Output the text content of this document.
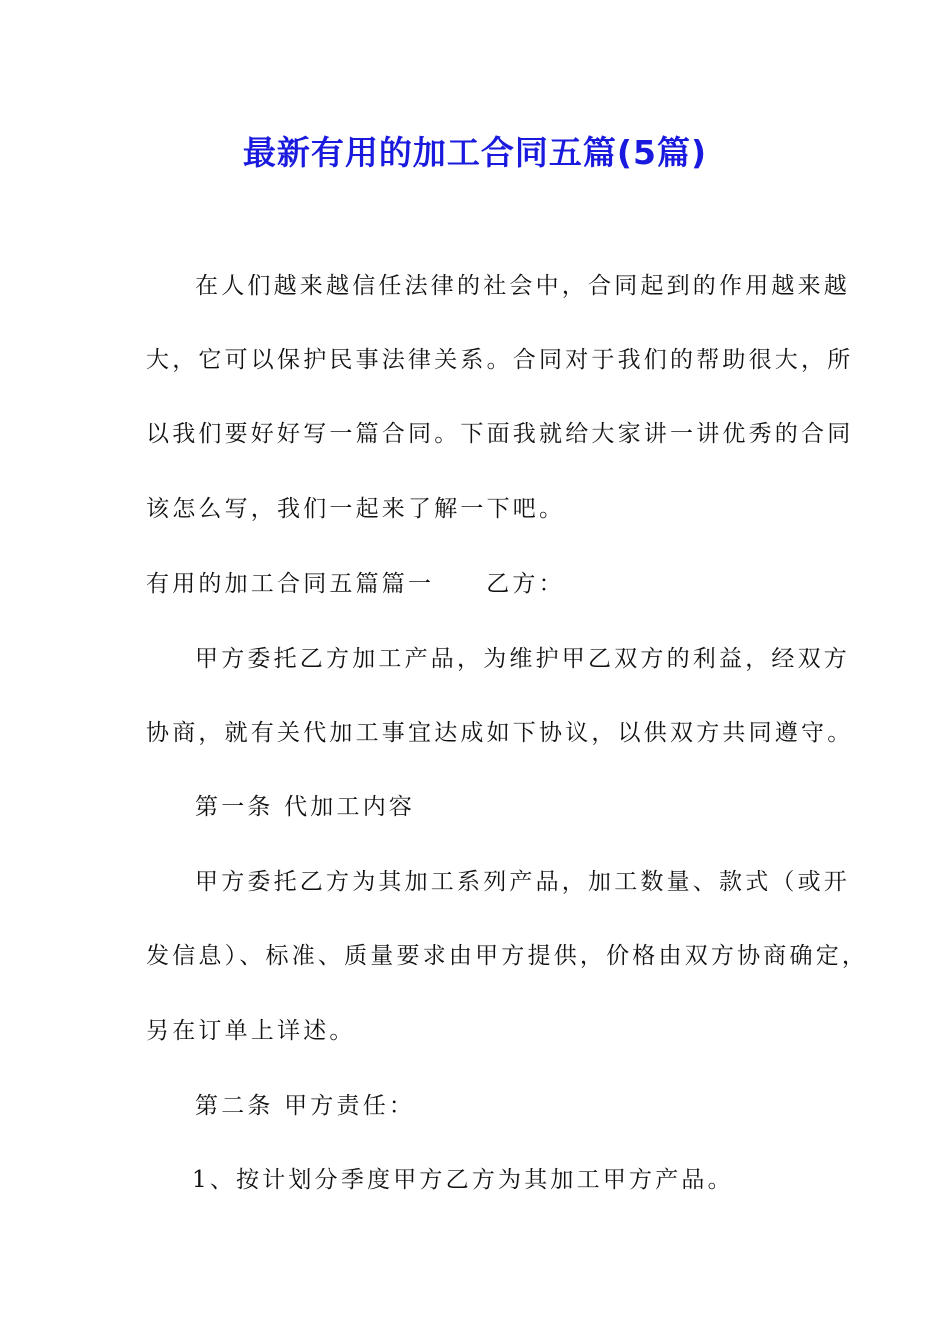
最新有用的加工合同五篇(5篇)
在人们越来越信任法律的社会中，合同起到的作用越来越
大，它可以保护民事法律关系。合同对于我们的帮助很大，所
以我们要好好写一篇合同。下面我就给大家讲一讲优秀的合同
该怎么写，我们一起来了解一下吧。
有用的加工合同五篇篇一 乙方：
甲方委托乙方加工产品，为维护甲乙双方的利益，经双方
协商，就有关代加工事宜达成如下协议，以供双方共同遵守。
第一条 代加工内容
甲方委托乙方为其加工系列产品，加工数量、款式（或开
发信息）、标准、质量要求由甲方提供，价格由双方协商确定，
另在订单上详述。
第二条 甲方责任：
1、按计划分季度甲方乙方为其加工甲方产品。
